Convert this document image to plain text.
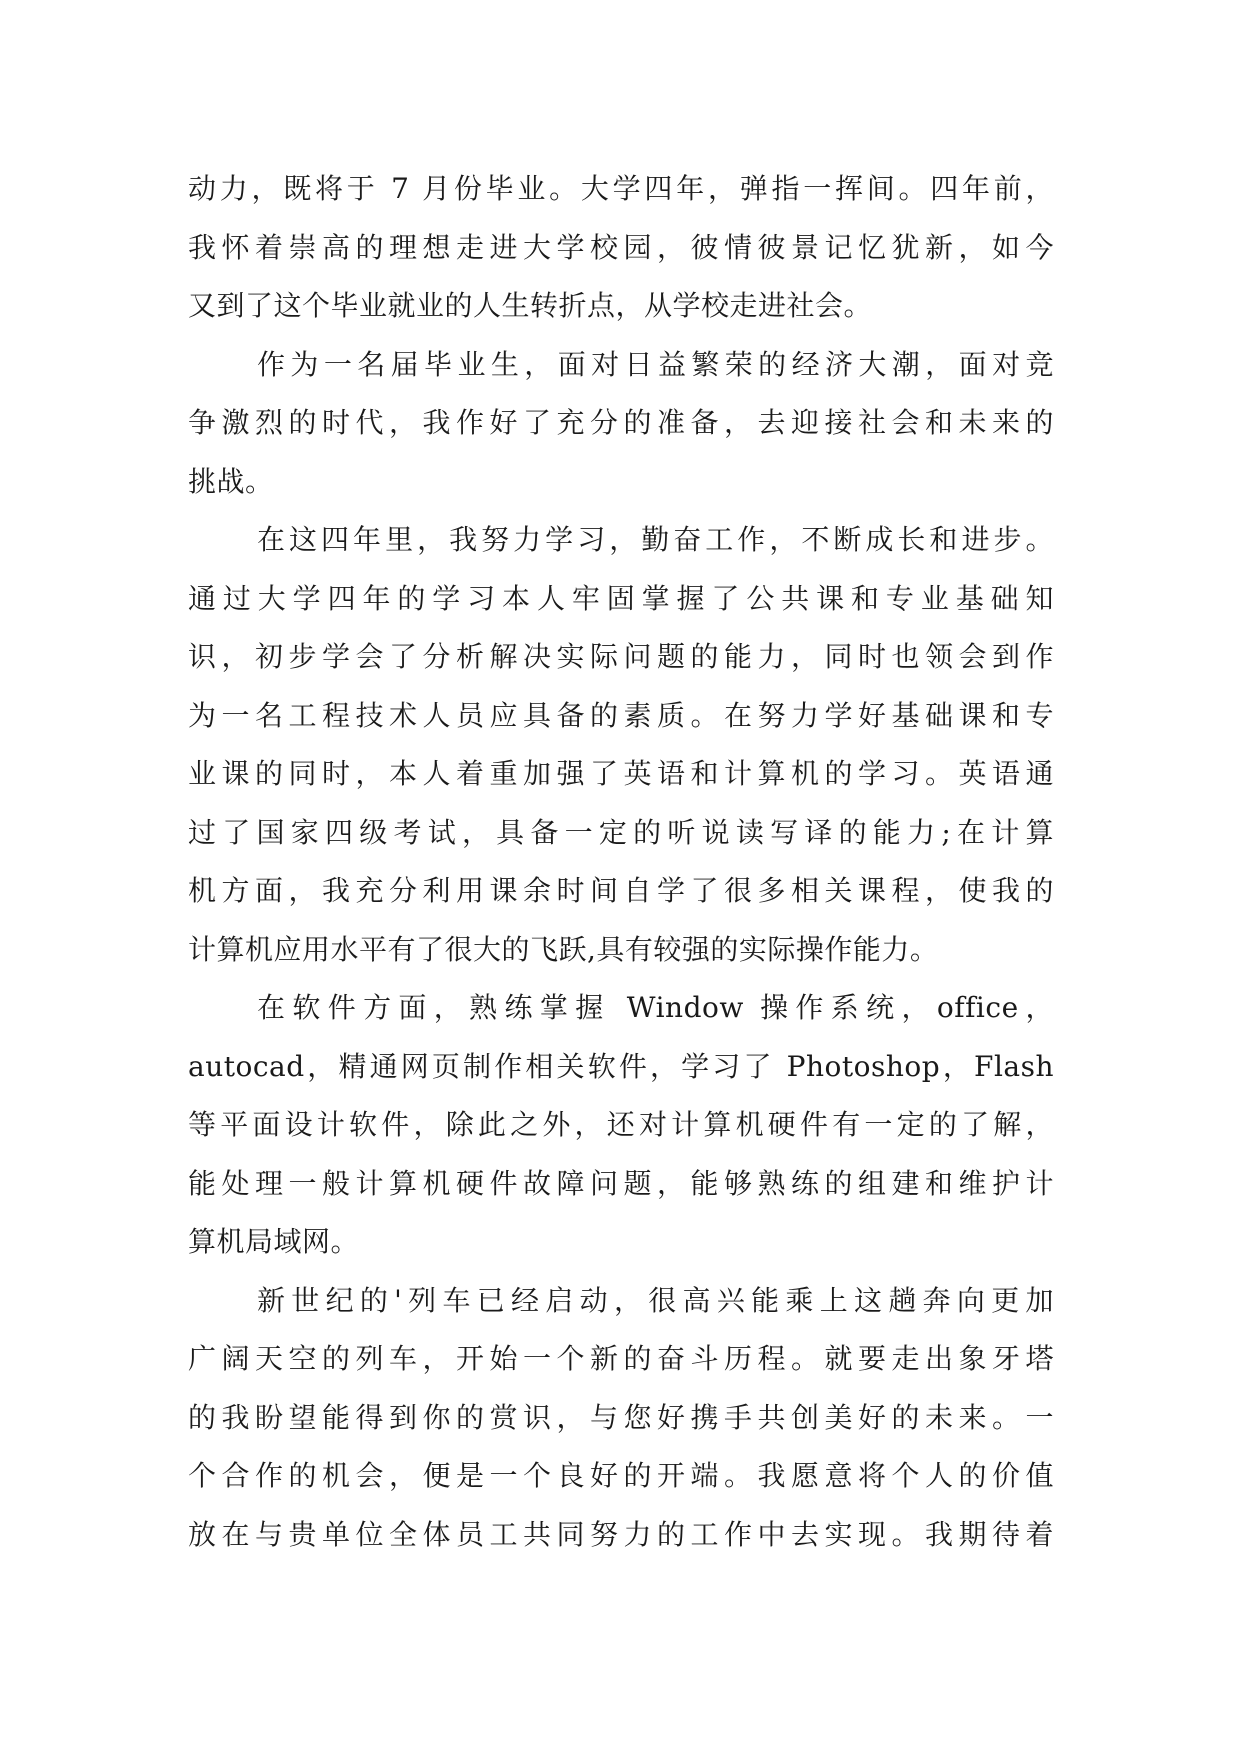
动力，既将于 7 月份毕业。大学四年，弹指一挥间。四年前，
我怀着崇高的理想走进大学校园，彼情彼景记忆犹新，如今
又到了这个毕业就业的人生转折点，从学校走进社会。
作为一名届毕业生，面对日益繁荣的经济大潮，面对竞
争激烈的时代，我作好了充分的准备，去迎接社会和未来的
挑战。
在这四年里，我努力学习，勤奋工作，不断成长和进步。
通过大学四年的学习本人牢固掌握了公共课和专业基础知
识，初步学会了分析解决实际问题的能力，同时也领会到作
为一名工程技术人员应具备的素质。在努力学好基础课和专
业课的同时，本人着重加强了英语和计算机的学习。英语通
过了国家四级考试，具备一定的听说读写译的能力;在计算
机方面，我充分利用课余时间自学了很多相关课程，使我的
计算机应用水平有了很大的飞跃,具有较强的实际操作能力。
在软件方面，熟练掌握 Window 操作系统，office，
autocad，精通网页制作相关软件，学习了 Photoshop，Flash
等平面设计软件，除此之外，还对计算机硬件有一定的了解，
能处理一般计算机硬件故障问题，能够熟练的组建和维护计
算机局域网。
新世纪的'列车已经启动，很高兴能乘上这趟奔向更加
广阔天空的列车，开始一个新的奋斗历程。就要走出象牙塔
的我盼望能得到你的赏识，与您好携手共创美好的未来。一
个合作的机会，便是一个良好的开端。我愿意将个人的价值
放在与贵单位全体员工共同努力的工作中去实现。我期待着
